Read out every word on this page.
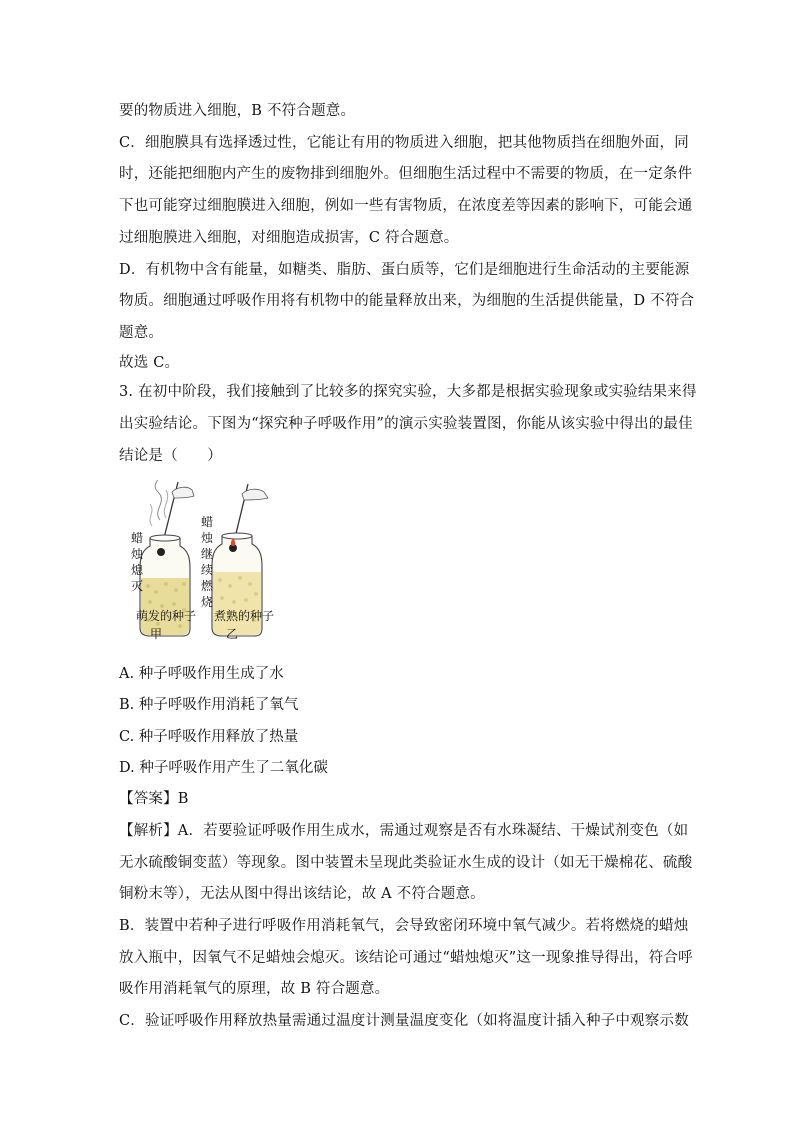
要的物质进入细胞，B 不符合题意。
C．细胞膜具有选择透过性，它能让有用的物质进入细胞，把其他物质挡在细胞外面，同
时，还能把细胞内产生的废物排到细胞外。但细胞生活过程中不需要的物质，在一定条件
下也可能穿过细胞膜进入细胞，例如一些有害物质，在浓度差等因素的影响下，可能会通
过细胞膜进入细胞，对细胞造成损害，C 符合题意。
D．有机物中含有能量，如糖类、脂肪、蛋白质等，它们是细胞进行生命活动的主要能源
物质。细胞通过呼吸作用将有机物中的能量释放出来，为细胞的生活提供能量，D 不符合
题意。
故选 C。
3. 在初中阶段，我们接触到了比较多的探究实验，大多都是根据实验现象或实验结果来得
出实验结论。下图为“探究种子呼吸作用”的演示实验装置图，你能从该实验中得出的最佳
结论是（　　）
蜡烛熄灭
蜡烛继续燃烧
萌发的种子 煮熟的种子
甲	乙
A. 种子呼吸作用生成了水
B. 种子呼吸作用消耗了氧气
C. 种子呼吸作用释放了热量
D. 种子呼吸作用产生了二氧化碳
【答案】B
【解析】A．若要验证呼吸作用生成水，需通过观察是否有水珠凝结、干燥试剂变色（如
无水硫酸铜变蓝）等现象。图中装置未呈现此类验证水生成的设计（如无干燥棉花、硫酸
铜粉末等），无法从图中得出该结论，故 A 不符合题意。
B．装置中若种子进行呼吸作用消耗氧气，会导致密闭环境中氧气减少。若将燃烧的蜡烛
放入瓶中，因氧气不足蜡烛会熄灭。该结论可通过“蜡烛熄灭”这一现象推导得出，符合呼
吸作用消耗氧气的原理，故 B 符合题意。
C．验证呼吸作用释放热量需通过温度计测量温度变化（如将温度计插入种子中观察示数
